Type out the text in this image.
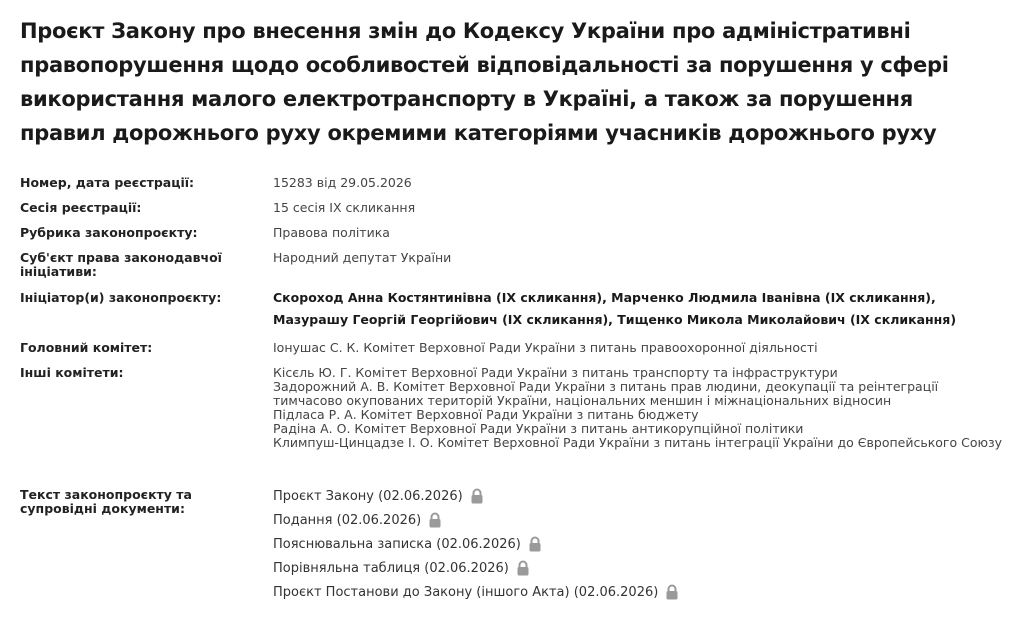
Проєкт Закону про внесення змін до Кодексу України про адміністративні правопорушення щодо особливостей відповідальності за порушення у сфері використання малого електротранспорту в Україні, а також за порушення правил дорожнього руху окремими категоріями учасників дорожнього руху
Номер, дата реєстрації:	15283 від 29.05.2026
Сесія реєстрації:	15 сесія IX скликання
Рубрика законопроєкту:	Правова політика
Суб'єкт права законодавчої ініціативи:
Народний депутат України
Ініціатор(и) законопроєкту:	Скороход Анна Костянтинівна (IX скликання), Марченко Людмила Іванівна (IX скликання), Мазурашу Георгій Георгійович (IX скликання), Тищенко Микола Миколайович (IX скликання)
Головний комітет:	Іонушас С. К. Комітет Верховної Ради України з питань правоохоронної діяльності
Інші комітети:	Кісєль Ю. Г. Комітет Верховної Ради України з питань транспорту та інфраструктури
Задорожний А. В. Комітет Верховної Ради України з питань прав людини, деокупації та реінтеграції тимчасово окупованих територій України, національних меншин і міжнаціональних відносин
Підласа Р. А. Комітет Верховної Ради України з питань бюджету
Радіна А. О. Комітет Верховної Ради України з питань антикорупційної політики
Климпуш-Цинцадзе І. О. Комітет Верховної Ради України з питань інтеграції України до Європейського Союзу
Текст законопроєкту та супровідні документи:
Проєкт Закону (02.06.2026)
Подання (02.06.2026)
Пояснювальна записка (02.06.2026)
Порівняльна таблиця (02.06.2026)
Проєкт Постанови до Закону (іншого Акта) (02.06.2026)
